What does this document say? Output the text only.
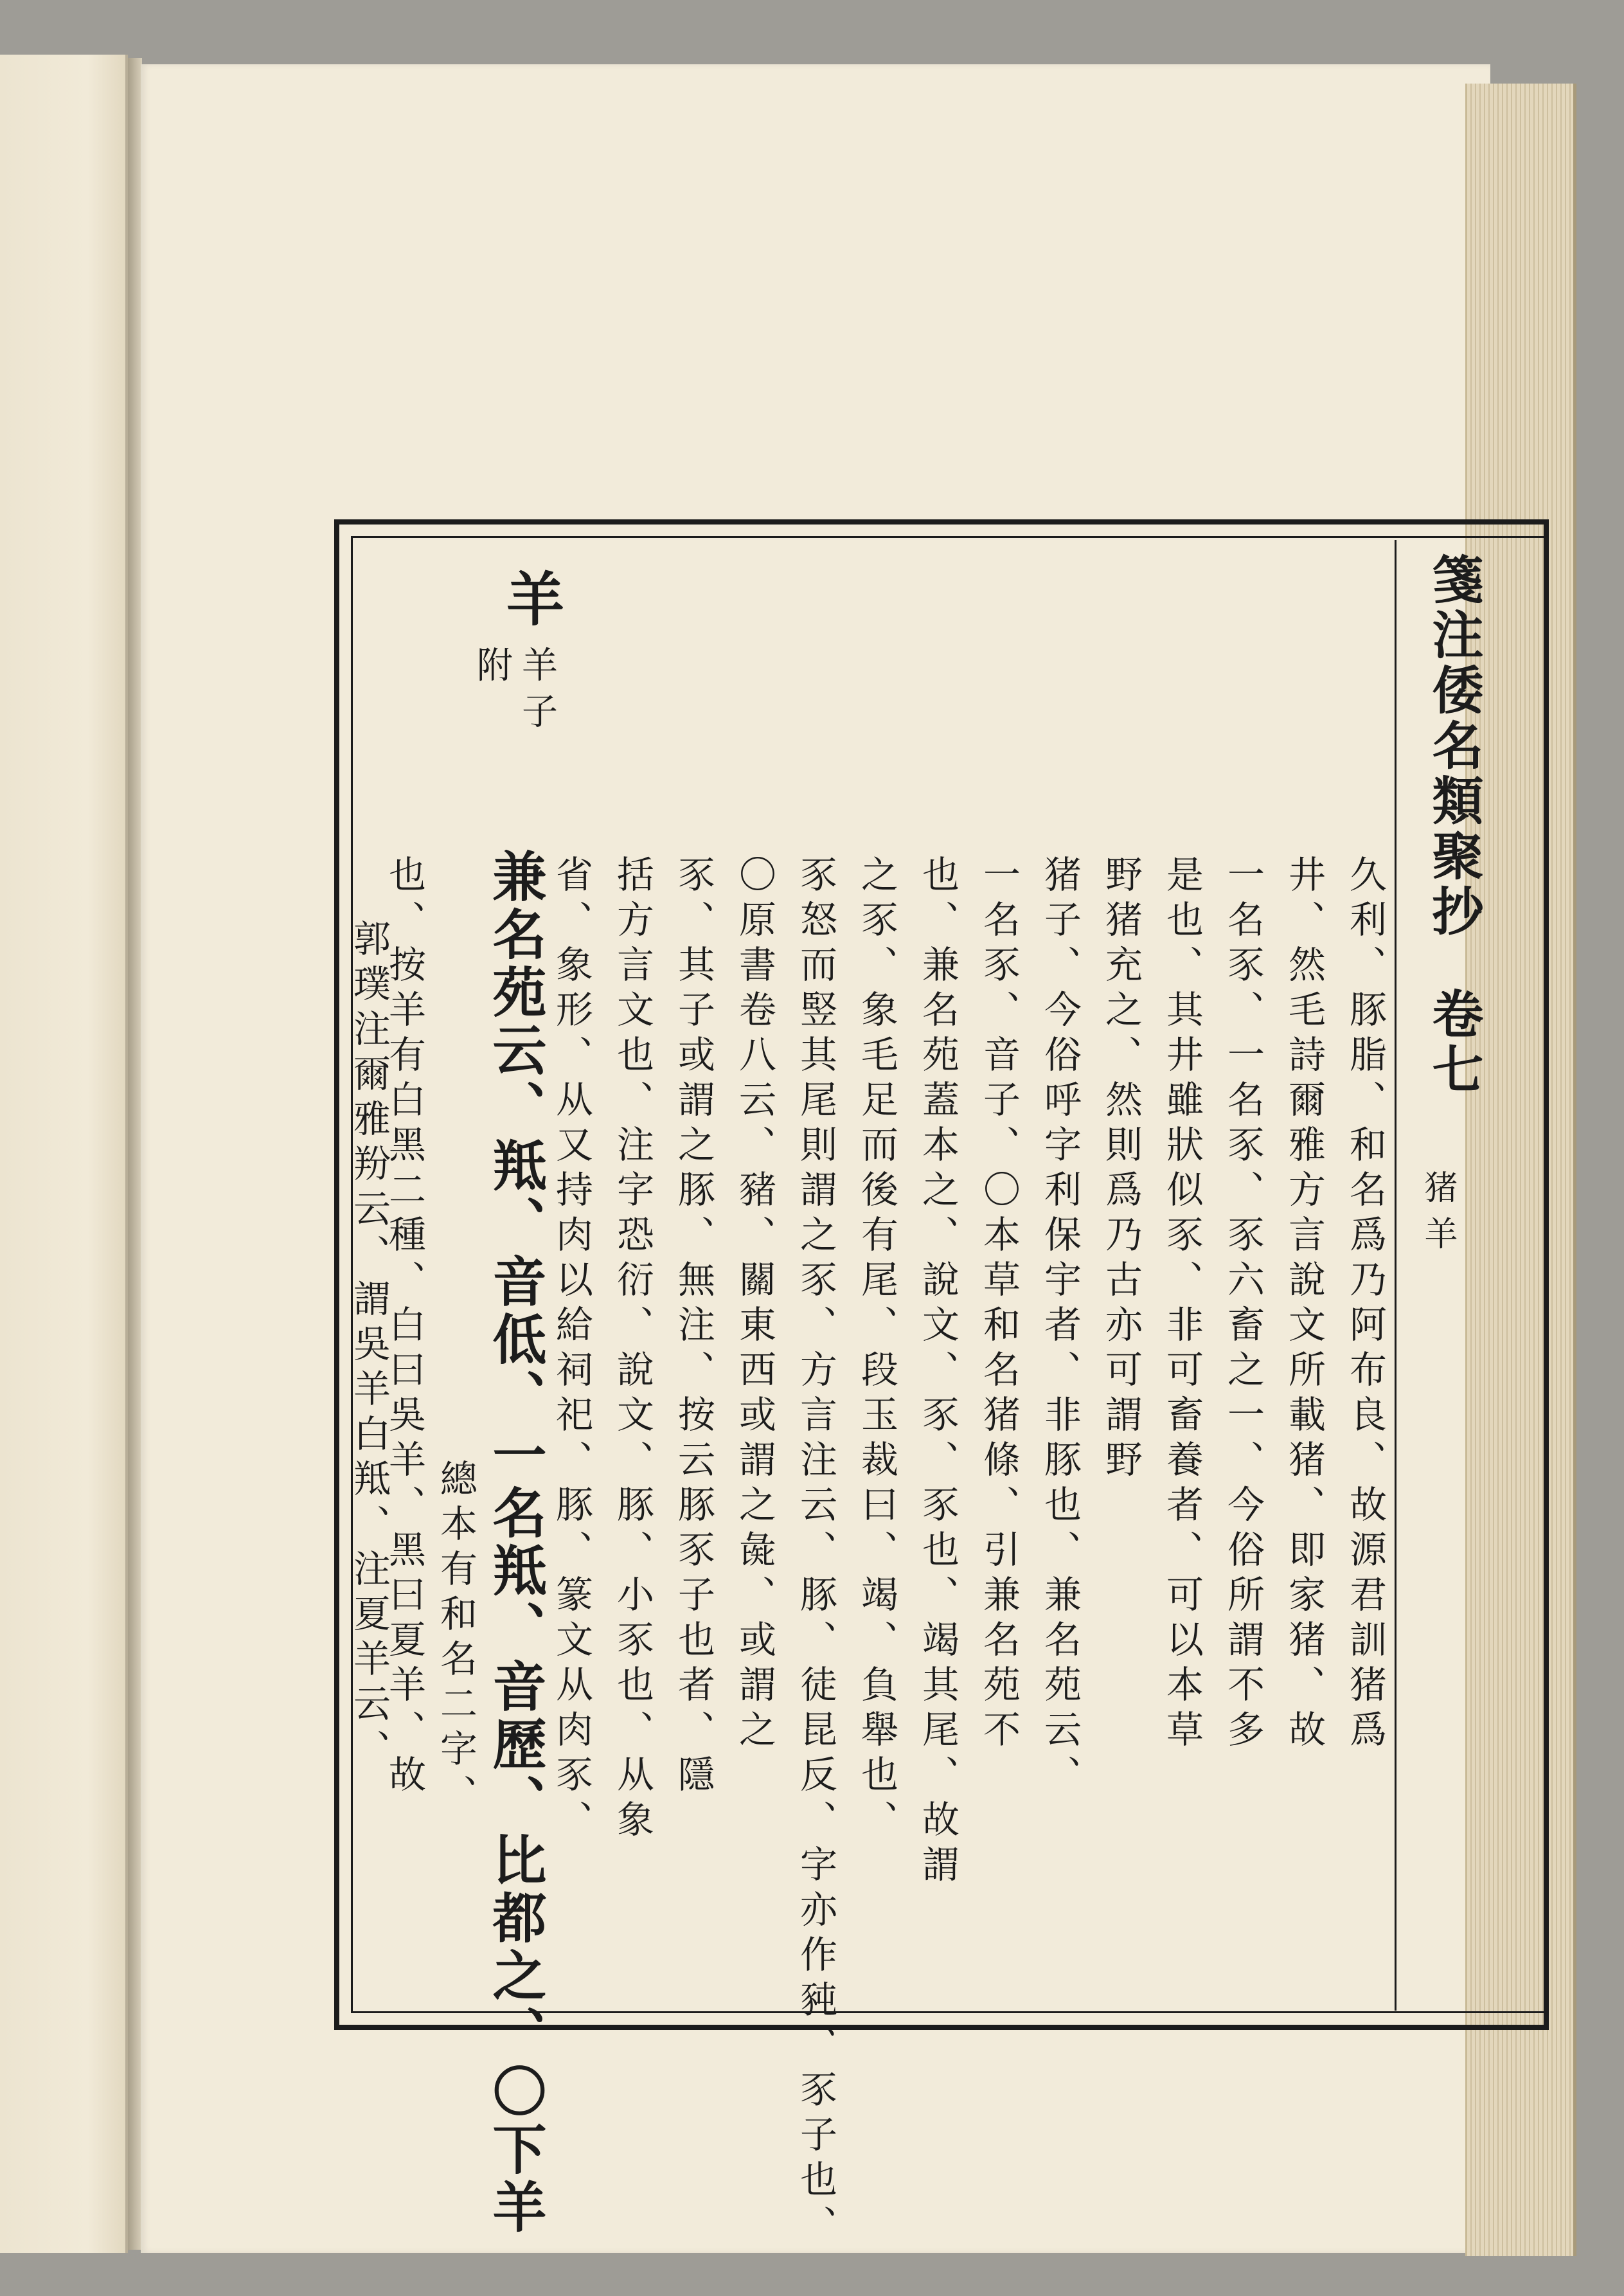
箋注倭名類聚抄 卷七
猪羊
羊
羊子
附
久利、豚脂、和名爲乃阿布良、故源君訓猪爲
井、然毛詩爾雅方言說文所載猪、即家猪、故
一名豕、一名豕、豕六畜之一、今俗所謂不多
是也、其井雖狀似豕、非可畜養者、可以本草
野猪充之、然則爲乃古亦可謂野
猪子、今俗呼字利保宇者、非豚也、兼名苑云、
一名豕、音子、〇本草和名猪條、引兼名苑不
也、兼名苑蓋本之、說文、豕、豕也、竭其尾、故謂
之豕、象毛足而後有尾、段玉裁曰、竭、負舉也、
豕怒而竪其尾則謂之豕、方言注云、豚、徒昆反、字亦作豘、豕子也、
〇原書卷八云、豬、關東西或謂之彘、或謂之
豕、其子或謂之豚、無注、按云豚豕子也者、隱
括方言文也、注字恐衍、說文、豚、小豕也、从象
省、象形、从又持肉以給祠祀、豚、篆文从肉豕、
兼名苑云、羝、音低、一名羝、音歷、比都之、〇下羊
總本有和名二字、
也、按羊有白黑二種、白曰吳羊、黑曰夏羊、故
郭璞注爾雅羒云、謂吳羊白羝、注夏羊云、
